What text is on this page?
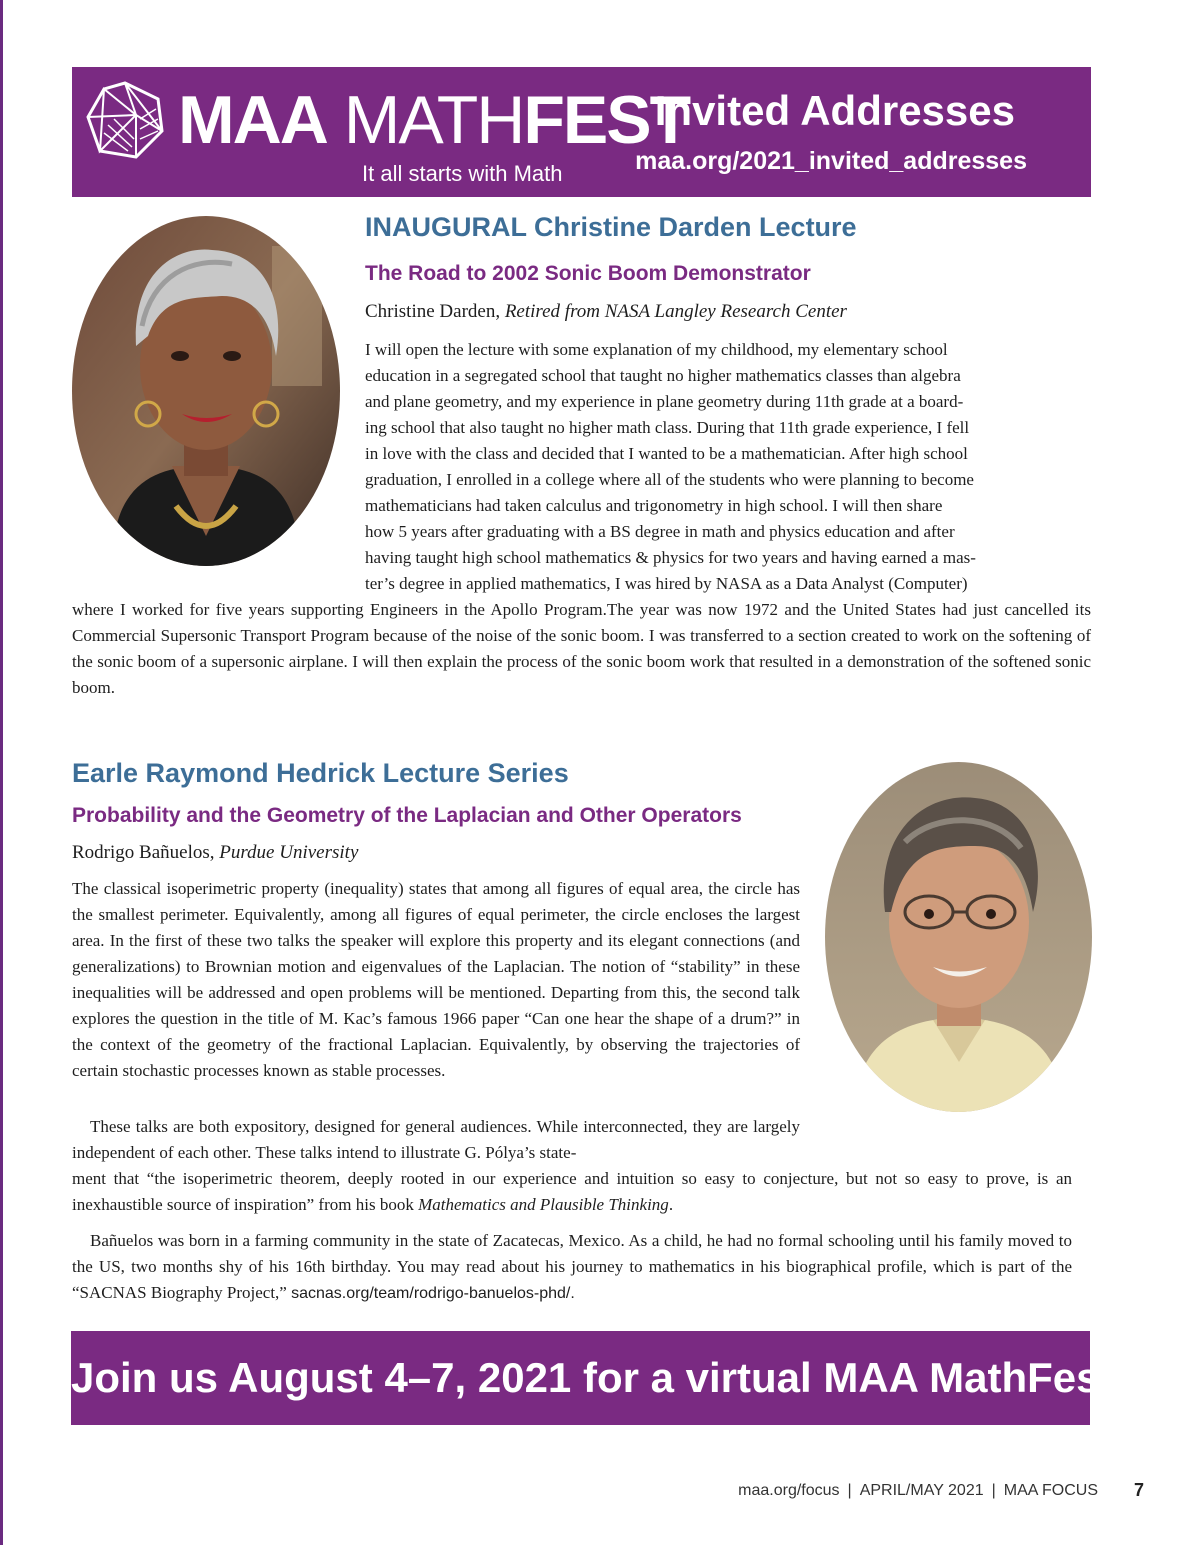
MAA MATHFEST
It all starts with Math
Invited Addresses
maa.org/2021_invited_addresses
INAUGURAL Christine Darden Lecture
The Road to 2002 Sonic Boom Demonstrator
Christine Darden, Retired from NASA Langley Research Center
I will open the lecture with some explanation of my childhood, my elementary school
education in a segregated school that taught no higher mathematics classes than algebra
and plane geometry, and my experience in plane geometry during 11th grade at a board-
ing school that also taught no higher math class. During that 11th grade experience, I fell
in love with the class and decided that I wanted to be a mathematician. After high school
graduation, I enrolled in a college where all of the students who were planning to become
mathematicians had taken calculus and trigonometry in high school. I will then share
how 5 years after graduating with a BS degree in math and physics education and after
having taught high school mathematics & physics for two years and having earned a mas-
ter’s degree in applied mathematics, I was hired by NASA as a Data Analyst (Computer)

where I worked for five years supporting Engineers in the Apollo Program.The year was now 1972 and the United States had just cancelled its Commercial Supersonic Transport Program because of the noise of the sonic boom. I was transferred to a section created to work on the softening of the sonic boom of a supersonic airplane. I will then explain the process of the sonic boom work that resulted in a demonstration of the softened sonic boom.

Earle Raymond Hedrick Lecture Series
Probability and the Geometry of the Laplacian and Other Operators
Rodrigo Bañuelos, Purdue University

The classical isoperimetric property (inequality) states that among all figures of equal area, the circle has the smallest perimeter. Equivalently, among all figures of equal perimeter, the circle encloses the largest area. In the first of these two talks the speaker will explore this property and its elegant connections (and generalizations) to Brownian motion and eigenvalues of the Laplacian. The notion of “stability” in these inequalities will be addressed and open problems will be mentioned. Departing from this, the second talk explores the question in the title of M. Kac’s famous 1966 paper “Can one hear the shape of a drum?” in the context of the geometry of the fractional Laplacian. Equivalently, by observing the trajectories of certain stochastic processes known as stable processes.

These talks are both expository, designed for general audiences. While interconnected, they are largely independent of each other. These talks intend to illustrate G. Pólya’s state-

ment that “the isoperimetric theorem, deeply rooted in our experience and intuition so easy to conjecture, but not so easy to prove, is an inexhaustible source of inspiration” from his book Mathematics and Plausible Thinking.

Bañuelos was born in a farming community in the state of Zacatecas, Mexico. As a child, he had no formal schooling until his family moved to the US, two months shy of his 16th birthday. You may read about his journey to mathematics in his biographical profile, which is part of the “SACNAS Biography Project,” sacnas.org/team/rodrigo-banuelos-phd/.

Join us August 4–7, 2021 for a virtual MAA MathFest!
maa.org/focus | APRIL/MAY 2021 | MAA FOCUS 7
